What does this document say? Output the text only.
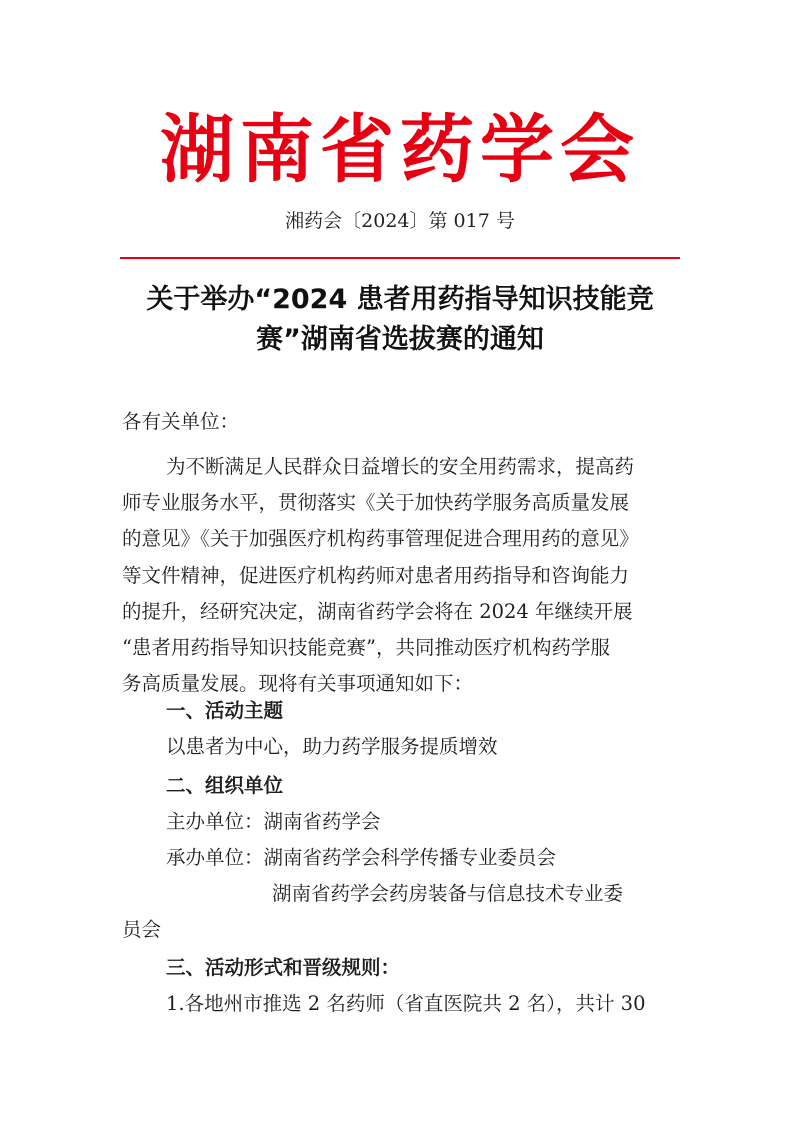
湖南省药学会
湘药会〔2024〕第 017 号
关于举办“2024 患者用药指导知识技能竞
赛”湖南省选拔赛的通知
各有关单位：
为不断满足人民群众日益增长的安全用药需求，提高药
师专业服务水平，贯彻落实《关于加快药学服务高质量发展
的意见》《关于加强医疗机构药事管理促进合理用药的意见》
等文件精神，促进医疗机构药师对患者用药指导和咨询能力
的提升，经研究决定，湖南省药学会将在 2024 年继续开展
“患者用药指导知识技能竞赛”，共同推动医疗机构药学服
务高质量发展。现将有关事项通知如下：
一、活动主题
以患者为中心，助力药学服务提质增效
二、组织单位
主办单位：湖南省药学会
承办单位：湖南省药学会科学传播专业委员会
湖南省药学会药房装备与信息技术专业委
员会
三、活动形式和晋级规则：
1.各地州市推选 2 名药师（省直医院共 2 名），共计 30
